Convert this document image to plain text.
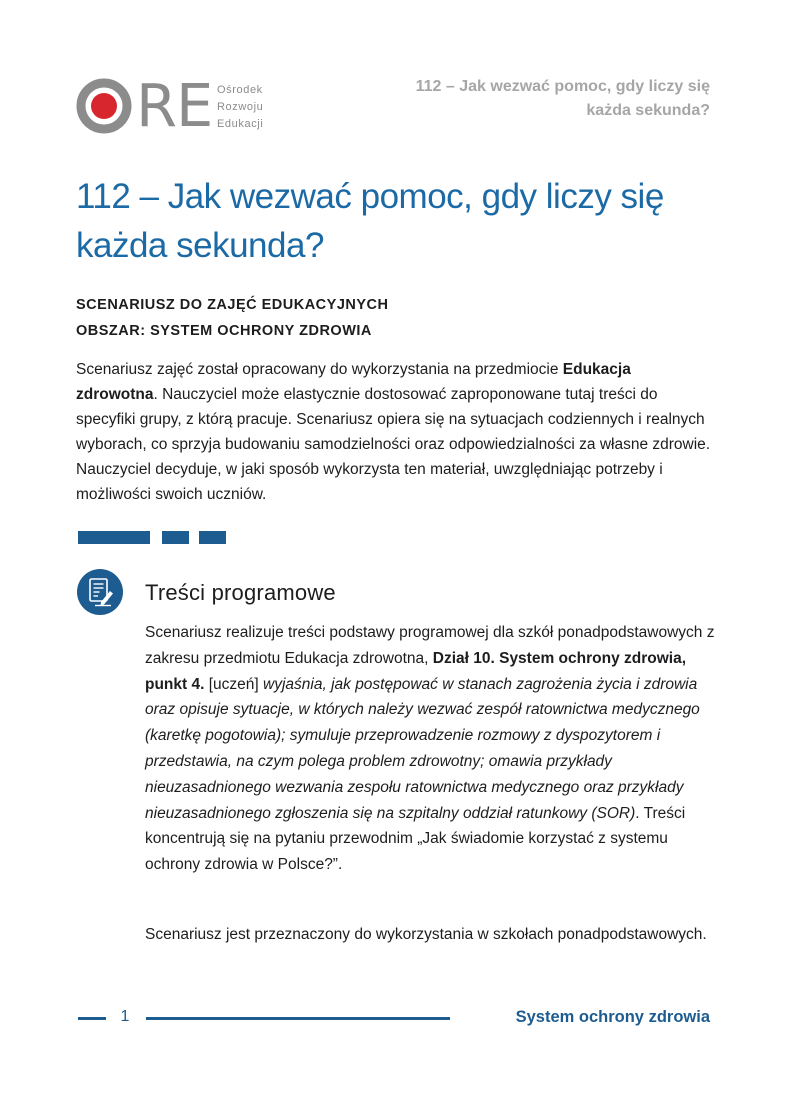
RE Ośrodek
Rozwoju
Edukacji
112 – Jak wezwać pomoc, gdy liczy się każda sekunda?
112 – Jak wezwać pomoc, gdy liczy się każda sekunda?
SCENARIUSZ DO ZAJĘĆ EDUKACYJNYCH
OBSZAR: SYSTEM OCHRONY ZDROWIA

Scenariusz zajęć został opracowany do wykorzystania na przedmiocie Edukacja zdrowotna. Nauczyciel może elastycznie dostosować zaproponowane tutaj treści do specyfiki grupy, z którą pracuje. Scenariusz opiera się na sytuacjach codziennych i realnych wyborach, co sprzyja budowaniu samodzielności oraz odpowiedzialności za własne zdrowie. Nauczyciel decyduje, w jaki sposób wykorzysta ten materiał, uwzględniając potrzeby i możliwości swoich uczniów.

Treści programowe

Scenariusz realizuje treści podstawy programowej dla szkół ponadpodstawowych z zakresu przedmiotu Edukacja zdrowotna, Dział 10. System ochrony zdrowia, punkt 4. [uczeń] wyjaśnia, jak postępować w stanach zagrożenia życia i zdrowia oraz opisuje sytuacje, w których należy wezwać zespół ratownictwa medycznego (karetkę pogotowia); symuluje przeprowadzenie rozmowy z dyspozytorem i przedstawia, na czym polega problem zdrowotny; omawia przykłady nieuzasadnionego wezwania zespołu ratownictwa medycznego oraz przykłady nieuzasadnionego zgłoszenia się na szpitalny oddział ratunkowy (SOR). Treści koncentrują się na pytaniu przewodnim „Jak świadomie korzystać z systemu ochrony zdrowia w Polsce?”.

Scenariusz jest przeznaczony do wykorzystania w szkołach ponadpodstawowych.

1	System ochrony zdrowia
